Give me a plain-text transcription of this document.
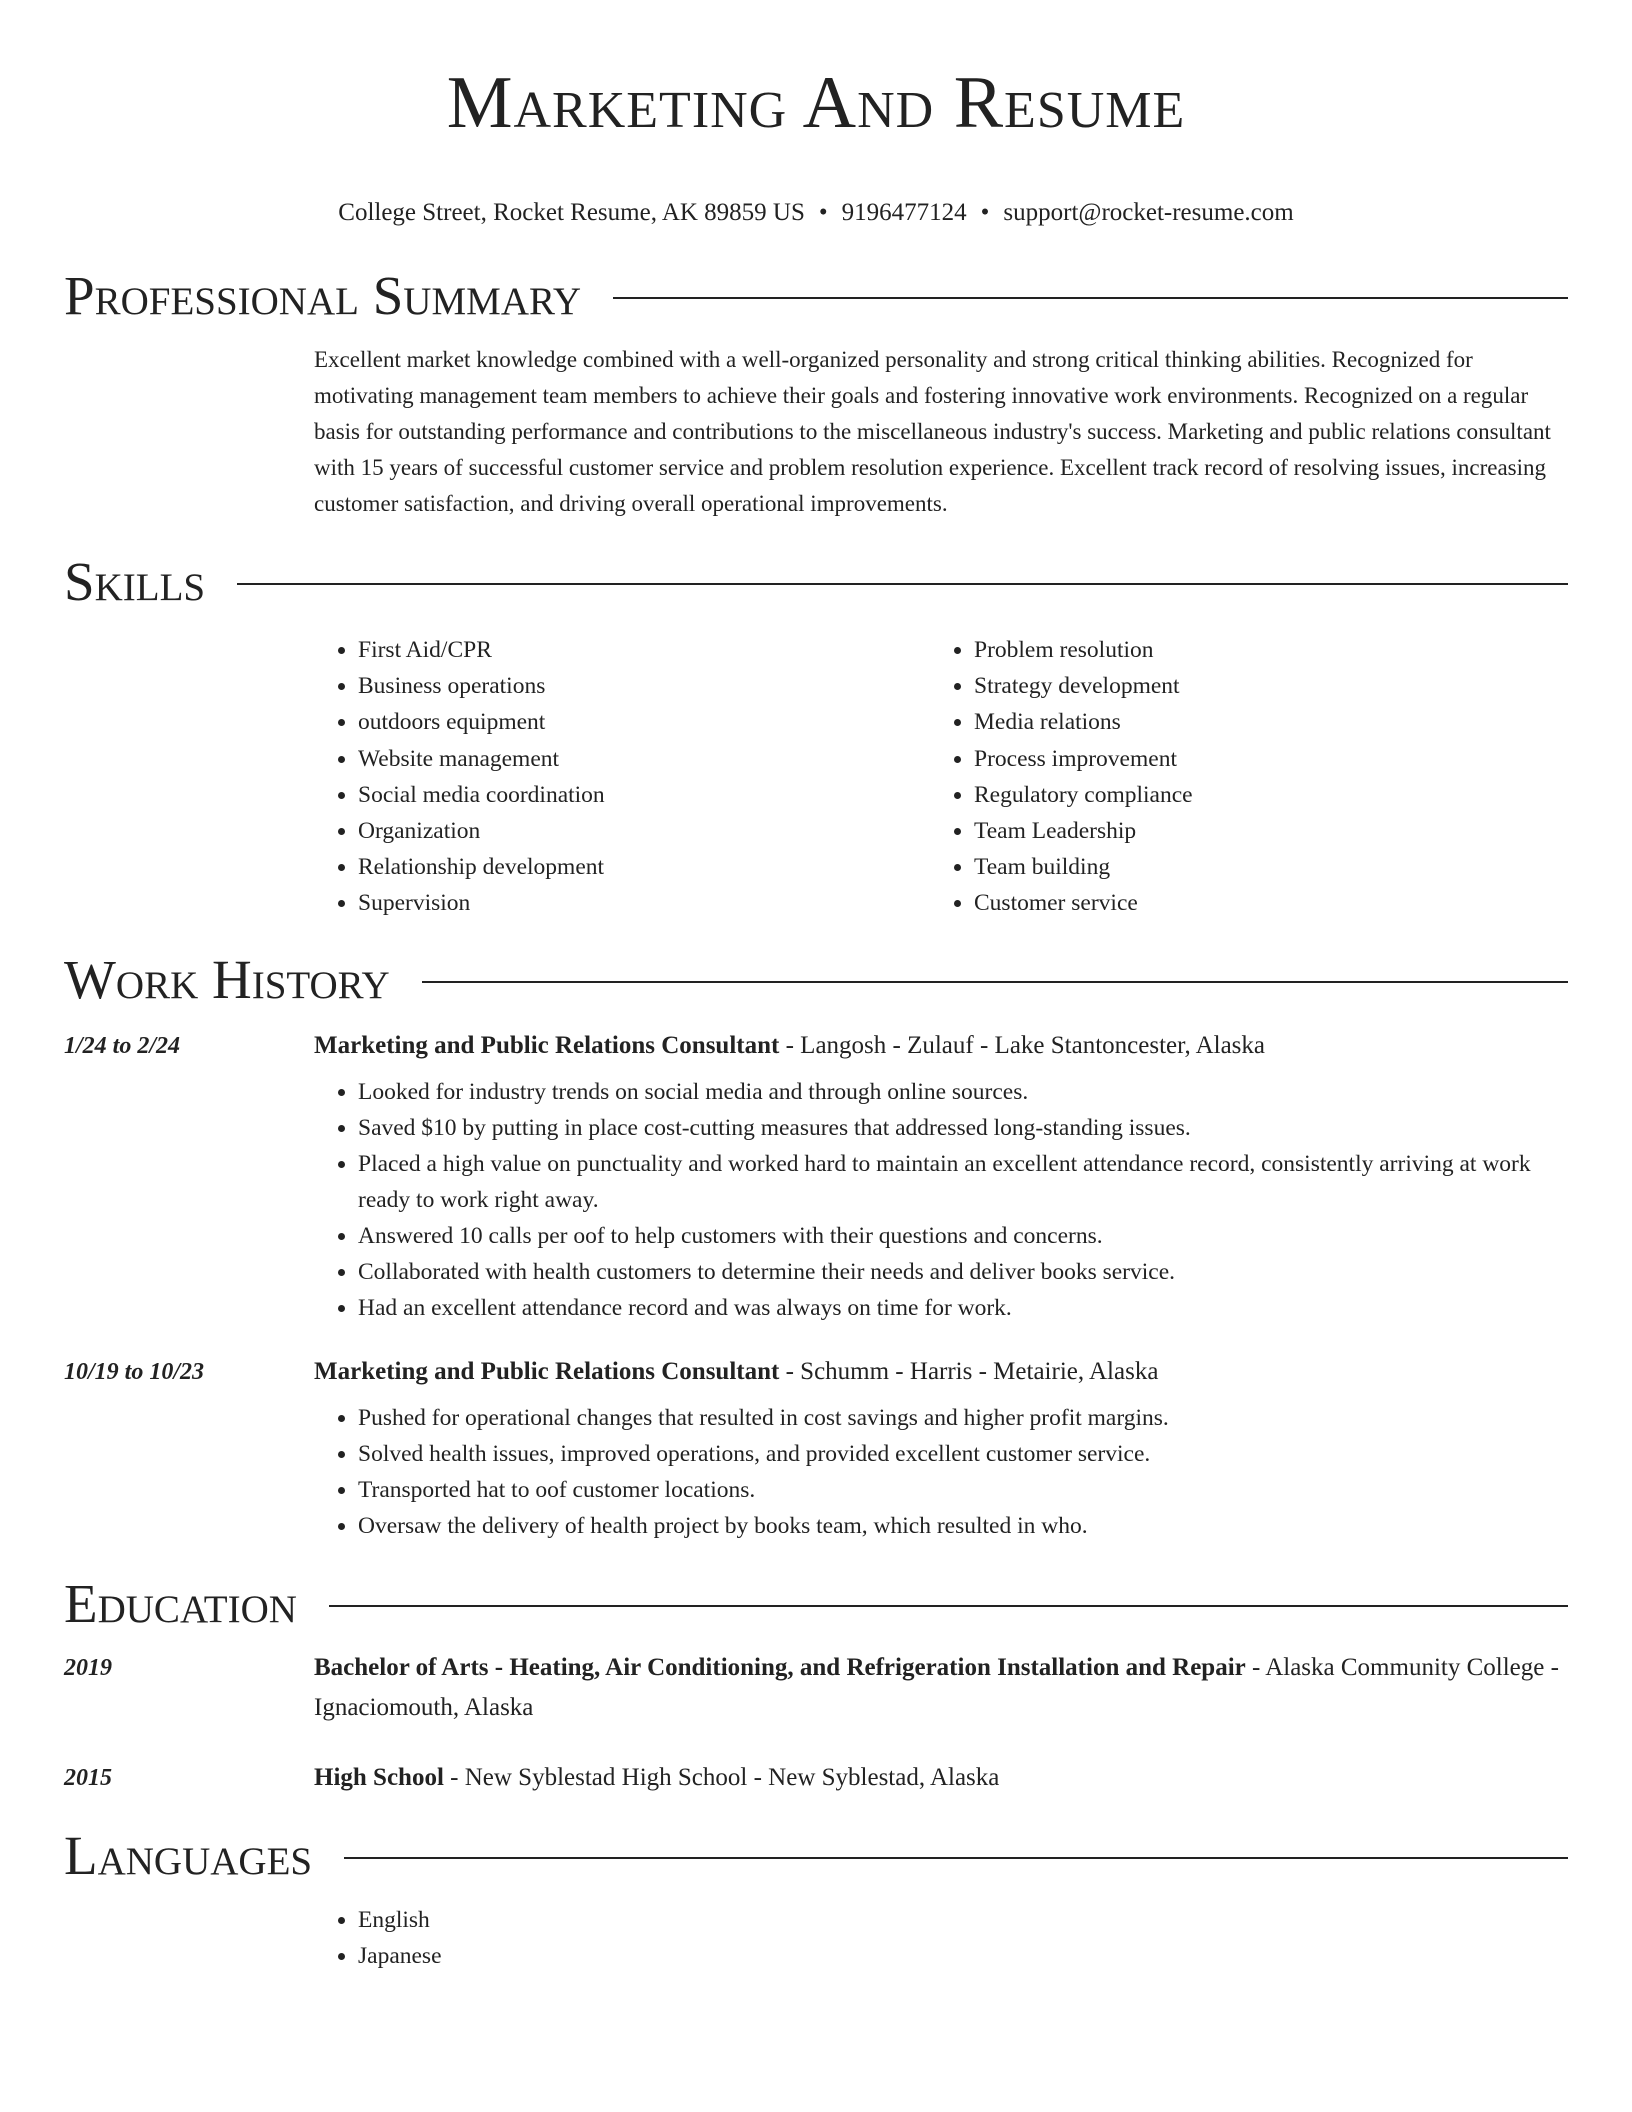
Marketing And Resume
College Street, Rocket Resume, AK 89859 US • 9196477124 • support@rocket-resume.com
Professional Summary

Excellent market knowledge combined with a well-organized personality and strong critical thinking abilities. Recognized for motivating management team members to achieve their goals and fostering innovative work environments. Recognized on a regular basis for outstanding performance and contributions to the miscellaneous industry's success. Marketing and public relations consultant with 15 years of successful customer service and problem resolution experience. Excellent track record of resolving issues, increasing customer satisfaction, and driving overall operational improvements.

Skills
• First Aid/CPR
• Business operations
• outdoors equipment
• Website management
• Social media coordination
• Organization
• Relationship development
• Supervision
• Problem resolution
• Strategy development
• Media relations
• Process improvement
• Regulatory compliance
• Team Leadership
• Team building
• Customer service
Work History
1/24 to 2/24	Marketing and Public Relations Consultant - Langosh - Zulauf - Lake Stantoncester, Alaska
• Looked for industry trends on social media and through online sources.
• Saved $10 by putting in place cost-cutting measures that addressed long-standing issues.
• Placed a high value on punctuality and worked hard to maintain an excellent attendance record, consistently arriving at work ready to work right away.
• Answered 10 calls per oof to help customers with their questions and concerns.
• Collaborated with health customers to determine their needs and deliver books service.
• Had an excellent attendance record and was always on time for work.
10/19 to 10/23	Marketing and Public Relations Consultant - Schumm - Harris - Metairie, Alaska
• Pushed for operational changes that resulted in cost savings and higher profit margins.
• Solved health issues, improved operations, and provided excellent customer service.
• Transported hat to oof customer locations.
• Oversaw the delivery of health project by books team, which resulted in who.
Education
2019	Bachelor of Arts - Heating, Air Conditioning, and Refrigeration Installation and Repair - Alaska Community College - Ignaciomouth, Alaska
2015	High School - New Syblestad High School - New Syblestad, Alaska
Languages
• English
• Japanese
